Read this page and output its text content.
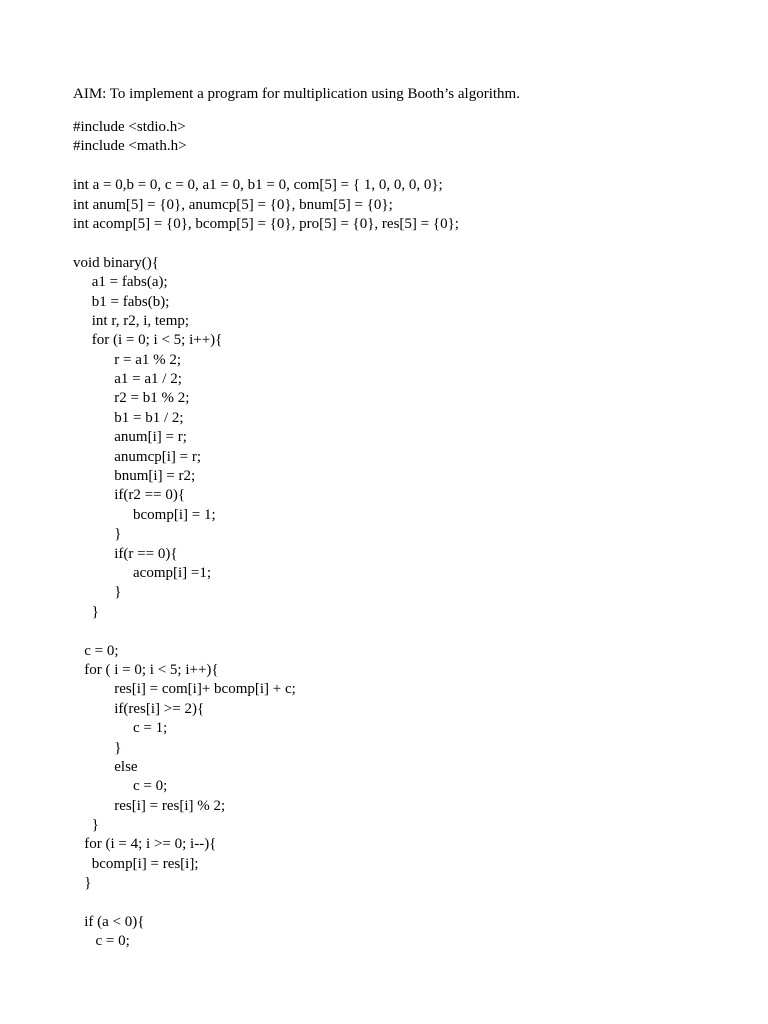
AIM: To implement a program for multiplication using Booth’s algorithm.
#include <stdio.h>
#include <math.h>
int a = 0,b = 0, c = 0, a1 = 0, b1 = 0, com[5] = { 1, 0, 0, 0, 0};
int anum[5] = {0}, anumcp[5] = {0}, bnum[5] = {0};
int acomp[5] = {0}, bcomp[5] = {0}, pro[5] = {0}, res[5] = {0};
void binary(){
a1 = fabs(a);
b1 = fabs(b);
int r, r2, i, temp;
for (i = 0; i < 5; i++){
r = a1 % 2;
a1 = a1 / 2;
r2 = b1 % 2;
b1 = b1 / 2;
anum[i] = r;
anumcp[i] = r;
bnum[i] = r2;
if(r2 == 0){
bcomp[i] = 1;
}
if(r == 0){
acomp[i] =1;
}
}
c = 0;
for ( i = 0; i < 5; i++){
res[i] = com[i]+ bcomp[i] + c;
if(res[i] >= 2){
c = 1;
}
else
c = 0;
res[i] = res[i] % 2;
}
for (i = 4; i >= 0; i--){
bcomp[i] = res[i];
}
if (a < 0){
c = 0;
